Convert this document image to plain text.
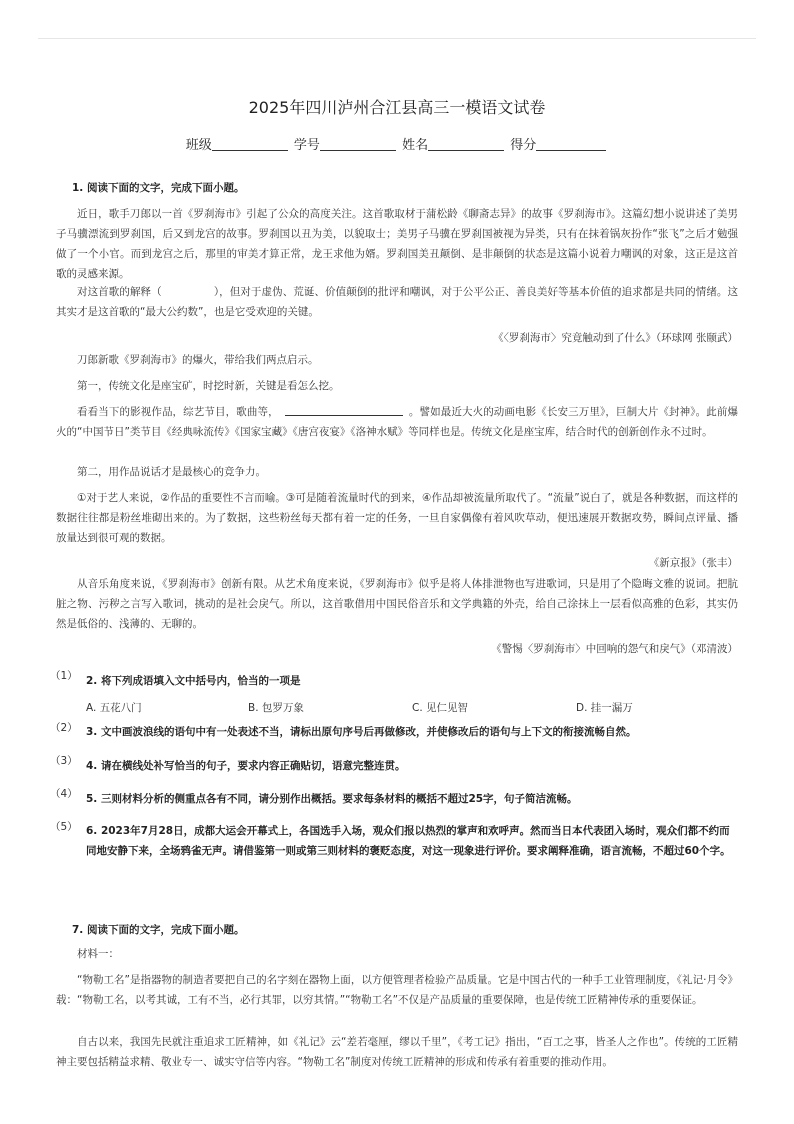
2025年四川泸州合江县高三一模语文试卷
班级	学号	姓名	得分
1. 阅读下面的文字，完成下面小题。

近日，歌手刀郎以一首《罗刹海市》引起了公众的高度关注。这首歌取材于蒲松龄《聊斋志异》的故事《罗刹海市》。这篇幻想小说讲述了美男子马骥漂流到罗刹国，后又到龙宫的故事。罗刹国以丑为美，以貌取士；美男子马骥在罗刹国被视为异类，只有在抹着锅灰扮作“张飞”之后才勉强做了一个小官。而到龙宫之后，那里的审美才算正常，龙王求他为婿。罗刹国美丑颠倒、是非颠倒的状态是这篇小说着力嘲讽的对象，这正是这首歌的灵感来源。

对这首歌的解释（	），但对于虚伪、荒诞、价值颠倒的批评和嘲讽，对于公平公正、善良美好等基本价值的追求都是共同的情绪。这其实才是这首歌的“最大公约数”，也是它受欢迎的关键。

《〈罗刹海市〉究竟触动到了什么》（环球网 张颐武）

刀郎新歌《罗刹海市》的爆火，带给我们两点启示。

第一，传统文化是座宝矿，时挖时新，关键是看怎么挖。

看看当下的影视作品，综艺节目，歌曲等，	。譬如最近大火的动画电影《长安三万里》，巨制大片《封神》。此前爆火的“中国节日”类节目《经典咏流传》《国家宝藏》《唐宫夜宴》《洛神水赋》等同样也是。传统文化是座宝库，结合时代的创新创作永不过时。

第二，用作品说话才是最核心的竞争力。

①对于艺人来说，②作品的重要性不言而喻。③可是随着流量时代的到来，④作品却被流量所取代了。“流量”说白了，就是各种数据，而这样的数据往往都是粉丝堆砌出来的。为了数据，这些粉丝每天都有着一定的任务，一旦自家偶像有着风吹草动，便迅速展开数据攻势，瞬间点评量、播放量达到很可观的数据。

《新京报》（张丰）

从音乐角度来说，《罗刹海市》创新有限。从艺术角度来说，《罗刹海市》似乎是将人体排泄物也写进歌词，只是用了个隐晦文雅的说词。把肮脏之物、污秽之言写入歌词，挑动的是社会戾气。所以，这首歌借用中国民俗音乐和文学典籍的外壳，给自己涂抹上一层看似高雅的色彩，其实仍然是低俗的、浅薄的、无聊的。

《警惕〈罗刹海市〉中回响的怨气和戾气》（邓清波）
（1） 2. 将下列成语填入文中括号内，恰当的一项是

A. 五花八门	B. 包罗万象	C. 见仁见智	D. 挂一漏万
（2） 3. 文中画波浪线的语句中有一处表述不当，请标出原句序号后再做修改，并使修改后的语句与上下文的衔接流畅自然。

（3） 4. 请在横线处补写恰当的句子，要求内容正确贴切，语意完整连贯。

（4） 5. 三则材料分析的侧重点各有不同，请分别作出概括。要求每条材料的概括不超过25字，句子简洁流畅。

（5） 6. 2023年7月28日，成都大运会开幕式上，各国选手入场，观众们报以热烈的掌声和欢呼声。然而当日本代表团入场时，观众们都不约而同地安静下来，全场鸦雀无声。请借鉴第一则或第三则材料的褒贬态度，对这一现象进行评价。要求阐释准确，语言流畅，不超过60个字。

7. 阅读下面的文字，完成下面小题。

材料一：

“物勒工名”是指器物的制造者要把自己的名字刻在器物上面，以方便管理者检验产品质量。它是中国古代的一种手工业管理制度，《礼记·月令》载：“物勒工名，以考其诚，工有不当，必行其罪，以穷其情。”“物勒工名”不仅是产品质量的重要保障，也是传统工匠精神传承的重要保证。

自古以来，我国先民就注重追求工匠精神，如《礼记》云“差若毫厘，缪以千里”，《考工记》指出，“百工之事，皆圣人之作也”。传统的工匠精神主要包括精益求精、敬业专一、诚实守信等内容。“物勒工名”制度对传统工匠精神的形成和传承有着重要的推动作用。
